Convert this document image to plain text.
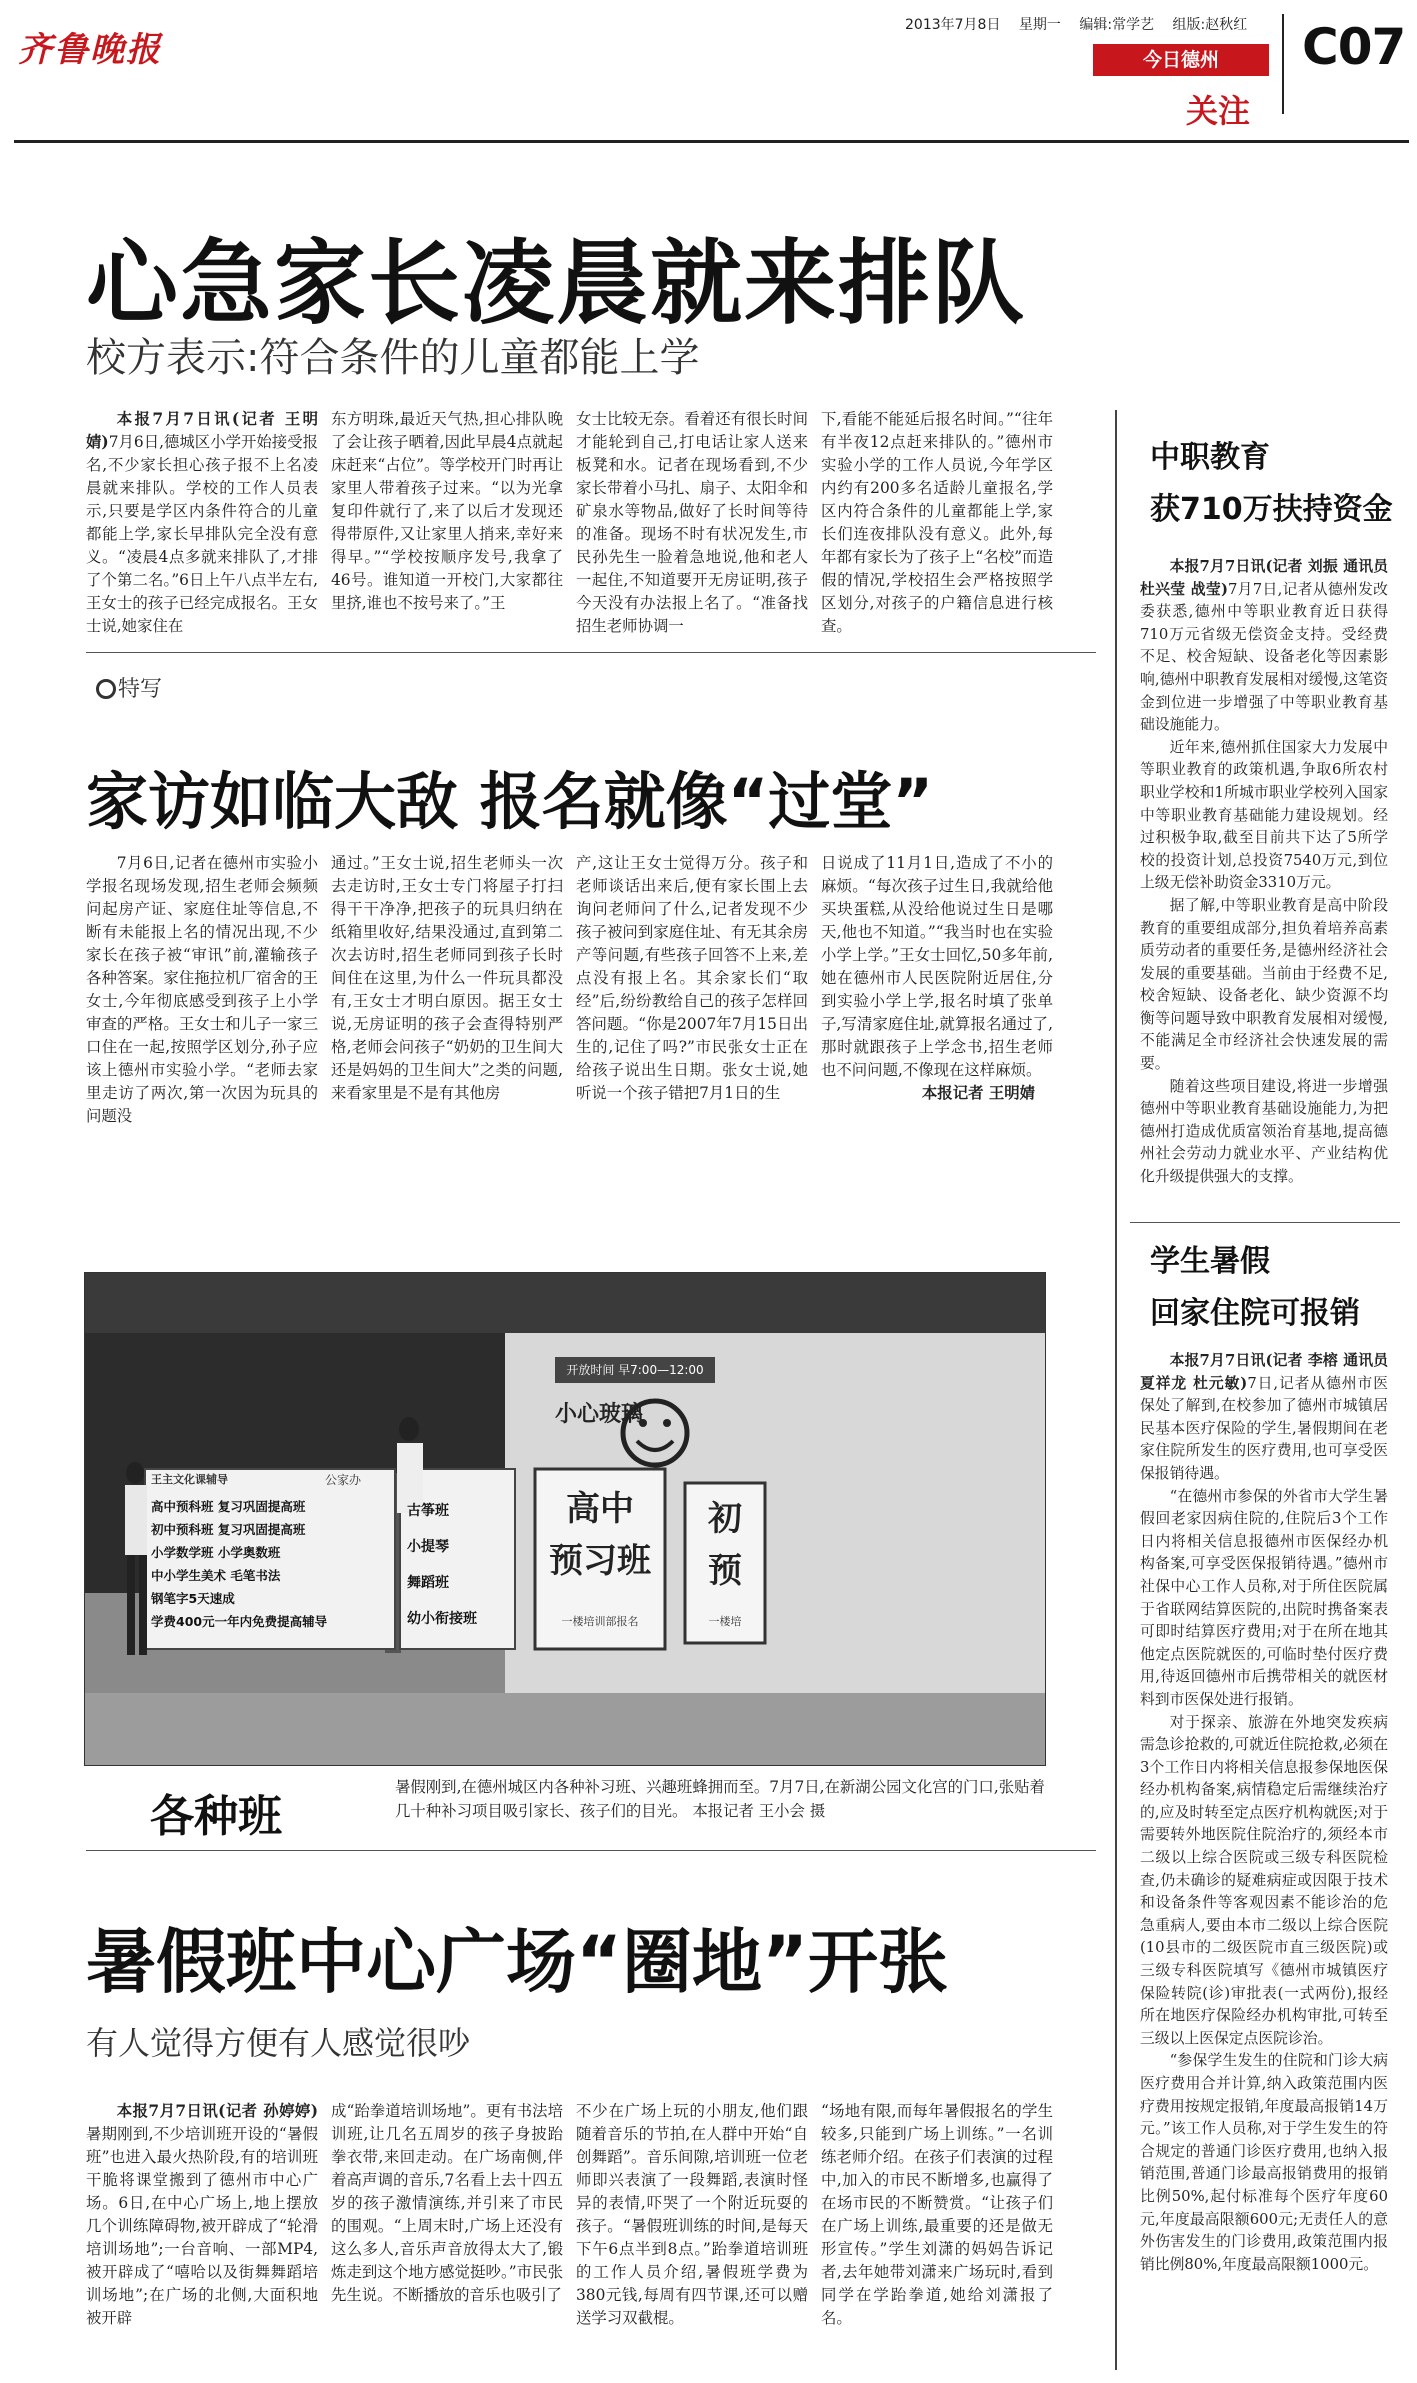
齐鲁晚报
2013年7月8日 星期一 编辑:常学艺 组版:赵秋红
今日德州
关注
C07
心急家长凌晨就来排队
校方表示:符合条件的儿童都能上学

本报7月7日讯(记者 王明婧)7月6日,德城区小学开始接受报名,不少家长担心孩子报不上名凌晨就来排队。学校的工作人员表示,只要是学区内条件符合的儿童都能上学,家长早排队完全没有意义。“凌晨4点多就来排队了,才排了个第二名。”6日上午八点半左右,王女士的孩子已经完成报名。王女士说,她家住在

东方明珠,最近天气热,担心排队晚了会让孩子晒着,因此早晨4点就起床赶来“占位”。等学校开门时再让家里人带着孩子过来。“以为光拿复印件就行了,来了以后才发现还得带原件,又让家里人捎来,幸好来得早。”“学校按顺序发号,我拿了46号。谁知道一开校门,大家都往里挤,谁也不按号来了。”王

女士比较无奈。看着还有很长时间才能轮到自己,打电话让家人送来板凳和水。记者在现场看到,不少家长带着小马扎、扇子、太阳伞和矿泉水等物品,做好了长时间等待的准备。现场不时有状况发生,市民孙先生一脸着急地说,他和老人一起住,不知道要开无房证明,孩子今天没有办法报上名了。“准备找招生老师协调一

下,看能不能延后报名时间。”“往年有半夜12点赶来排队的。”德州市实验小学的工作人员说,今年学区内约有200多名适龄儿童报名,学区内符合条件的儿童都能上学,家长们连夜排队没有意义。此外,每年都有家长为了孩子上“名校”而造假的情况,学校招生会严格按照学区划分,对孩子的户籍信息进行核查。

特写
家访如临大敌 报名就像“过堂”

7月6日,记者在德州市实验小学报名现场发现,招生老师会频频问起房产证、家庭住址等信息,不断有未能报上名的情况出现,不少家长在孩子被“审讯”前,灌输孩子各种答案。家住拖拉机厂宿舍的王女士,今年彻底感受到孩子上小学审查的严格。王女士和儿子一家三口住在一起,按照学区划分,孙子应该上德州市实验小学。“老师去家里走访了两次,第一次因为玩具的问题没

通过。”王女士说,招生老师头一次去走访时,王女士专门将屋子打扫得干干净净,把孩子的玩具归纳在纸箱里收好,结果没通过,直到第二次去访时,招生老师同到孩子长时间住在这里,为什么一件玩具都没有,王女士才明白原因。据王女士说,无房证明的孩子会查得特别严格,老师会问孩子“奶奶的卫生间大还是妈妈的卫生间大”之类的问题,来看家里是不是有其他房

产,这让王女士觉得万分。孩子和老师谈话出来后,便有家长围上去询问老师问了什么,记者发现不少孩子被问到家庭住址、有无其余房产等问题,有些孩子回答不上来,差点没有报上名。其余家长们“取经”后,纷纷教给自己的孩子怎样回答问题。“你是2007年7月15日出生的,记住了吗?”市民张女士正在给孩子说出生日期。张女士说,她听说一个孩子错把7月1日的生

日说成了11月1日,造成了不小的麻烦。“每次孩子过生日,我就给他买块蛋糕,从没给他说过生日是哪天,他也不知道。”“我当时也在实验小学上学。”王女士回忆,50多年前,她在德州市人民医院附近居住,分到实验小学上学,报名时填了张单子,写清家庭住址,就算报名通过了,那时就跟孩子上学念书,招生老师也不问问题,不像现在这样麻烦。

本报记者 王明婧

开放时间 早7:00—12:00
小心玻璃
王主文化课辅导	公家办
高中预科班 复习巩固提高班
初中预科班 复习巩固提高班
小学数学班 小学奥数班
中小学生美术 毛笔书法
钢笔字5天速成
学费400元一年内免费提高辅导
古筝班
小提琴
舞蹈班
幼小衔接班
高中
预习班
一楼培训部报名
初
预
一楼培
各种班
暑假刚到,在德州城区内各种补习班、兴趣班蜂拥而至。7月7日,在新湖公园文化宫的门口,张贴着几十种补习项目吸引家长、孩子们的目光。 本报记者 王小会 摄
暑假班中心广场“圈地”开张
有人觉得方便有人感觉很吵

本报7月7日讯(记者 孙婷婷)暑期刚到,不少培训班开设的“暑假班”也进入最火热阶段,有的培训班干脆将课堂搬到了德州市中心广场。6日,在中心广场上,地上摆放几个训练障碍物,被开辟成了“轮滑培训场地”;一台音响、一部MP4,被开辟成了“嘻哈以及街舞舞蹈培训场地”;在广场的北侧,大面积地被开辟

成“跆拳道培训场地”。更有书法培训班,让几名五周岁的孩子身披跆拳衣带,来回走动。在广场南侧,伴着高声调的音乐,7名看上去十四五岁的孩子激情演练,并引来了市民的围观。“上周末时,广场上还没有这么多人,音乐声音放得太大了,锻炼走到这个地方感觉挺吵。”市民张先生说。不断播放的音乐也吸引了

不少在广场上玩的小朋友,他们跟随着音乐的节拍,在人群中开始“自创舞蹈”。音乐间隙,培训班一位老师即兴表演了一段舞蹈,表演时怪异的表情,吓哭了一个附近玩耍的孩子。“暑假班训练的时间,是每天下午6点半到8点。”跆拳道培训班的工作人员介绍,暑假班学费为380元钱,每周有四节课,还可以赠送学习双截棍。

“场地有限,而每年暑假报名的学生较多,只能到广场上训练。”一名训练老师介绍。在孩子们表演的过程中,加入的市民不断增多,也赢得了在场市民的不断赞赏。“让孩子们在广场上训练,最重要的还是做无形宣传。”学生刘潇的妈妈告诉记者,去年她带刘潇来广场玩时,看到同学在学跆拳道,她给刘潇报了名。

中职教育
获710万扶持资金

本报7月7日讯(记者 刘振 通讯员 杜兴莹 战莹)7月7日,记者从德州发改委获悉,德州中等职业教育近日获得710万元省级无偿资金支持。受经费不足、校舍短缺、设备老化等因素影响,德州中职教育发展相对缓慢,这笔资金到位进一步增强了中等职业教育基础设施能力。

近年来,德州抓住国家大力发展中等职业教育的政策机遇,争取6所农村职业学校和1所城市职业学校列入国家中等职业教育基础能力建设规划。经过积极争取,截至目前共下达了5所学校的投资计划,总投资7540万元,到位上级无偿补助资金3310万元。

据了解,中等职业教育是高中阶段教育的重要组成部分,担负着培养高素质劳动者的重要任务,是德州经济社会发展的重要基础。当前由于经费不足,校舍短缺、设备老化、缺少资源不均衡等问题导致中职教育发展相对缓慢,不能满足全市经济社会快速发展的需要。

随着这些项目建设,将进一步增强德州中等职业教育基础设施能力,为把德州打造成优质富领治育基地,提高德州社会劳动力就业水平、产业结构优化升级提供强大的支撑。

学生暑假
回家住院可报销

本报7月7日讯(记者 李榕 通讯员 夏祥龙 杜元敏)7日,记者从德州市医保处了解到,在校参加了德州市城镇居民基本医疗保险的学生,暑假期间在老家住院所发生的医疗费用,也可享受医保报销待遇。

“在德州市参保的外省市大学生暑假回老家因病住院的,住院后3个工作日内将相关信息报德州市医保经办机构备案,可享受医保报销待遇。”德州市社保中心工作人员称,对于所住医院属于省联网结算医院的,出院时携备案表可即时结算医疗费用;对于在所在地其他定点医院就医的,可临时垫付医疗费用,待返回德州市后携带相关的就医材料到市医保处进行报销。

对于探亲、旅游在外地突发疾病需急诊抢救的,可就近住院抢救,必须在3个工作日内将相关信息报参保地医保经办机构备案,病情稳定后需继续治疗的,应及时转至定点医疗机构就医;对于需要转外地医院住院治疗的,须经本市二级以上综合医院或三级专科医院检查,仍未确诊的疑难病症或因限于技术和设备条件等客观因素不能诊治的危急重病人,要由本市二级以上综合医院(10县市的二级医院市直三级医院)或三级专科医院填写《德州市城镇医疗保险转院(诊)审批表(一式两份),报经所在地医疗保险经办机构审批,可转至三级以上医保定点医院诊治。

“参保学生发生的住院和门诊大病医疗费用合并计算,纳入政策范围内医疗费用按规定报销,年度最高报销14万元。”该工作人员称,对于学生发生的符合规定的普通门诊医疗费用,也纳入报销范围,普通门诊最高报销费用的报销比例50%,起付标准每个医疗年度60元,年度最高限额600元;无责任人的意外伤害发生的门诊费用,政策范围内报销比例80%,年度最高限额1000元。
